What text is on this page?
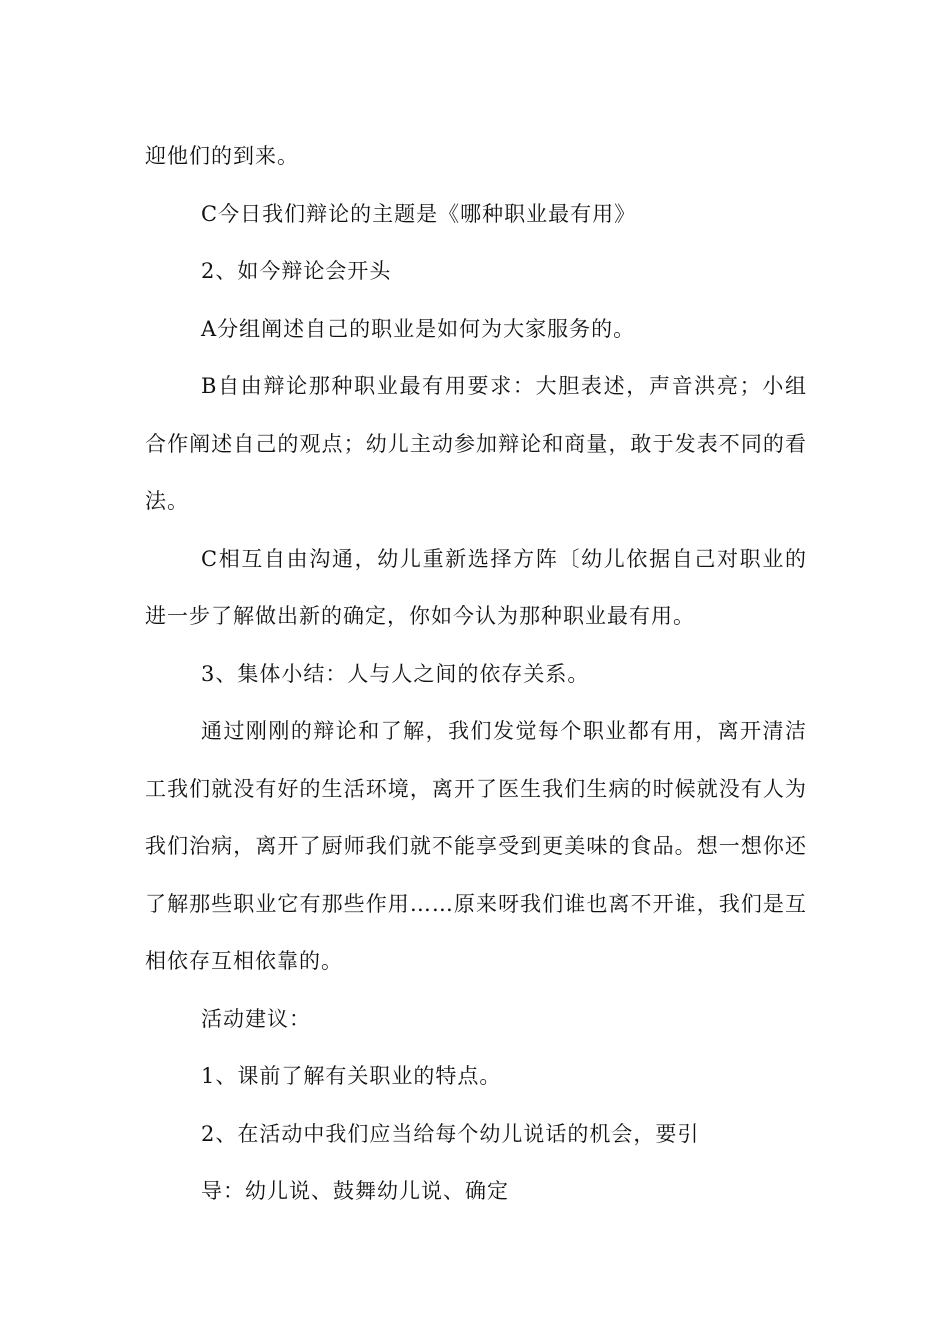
迎他们的到来。

C今日我们辩论的主题是《哪种职业最有用》

2、如今辩论会开头

A分组阐述自己的职业是如何为大家服务的。

B自由辩论那种职业最有用要求：大胆表述，声音洪亮；小组合作阐述自己的观点；幼儿主动参加辩论和商量，敢于发表不同的看法。

C相互自由沟通，幼儿重新选择方阵〔幼儿依据自己对职业的进一步了解做出新的确定，你如今认为那种职业最有用。

3、集体小结：人与人之间的依存关系。

通过刚刚的辩论和了解，我们发觉每个职业都有用，离开清洁工我们就没有好的生活环境，离开了医生我们生病的时候就没有人为我们治病，离开了厨师我们就不能享受到更美味的食品。想一想你还了解那些职业它有那些作用……原来呀我们谁也离不开谁，我们是互相依存互相依靠的。

活动建议：

1、课前了解有关职业的特点。

2、在活动中我们应当给每个幼儿说话的机会，要引

导：幼儿说、鼓舞幼儿说、确定
